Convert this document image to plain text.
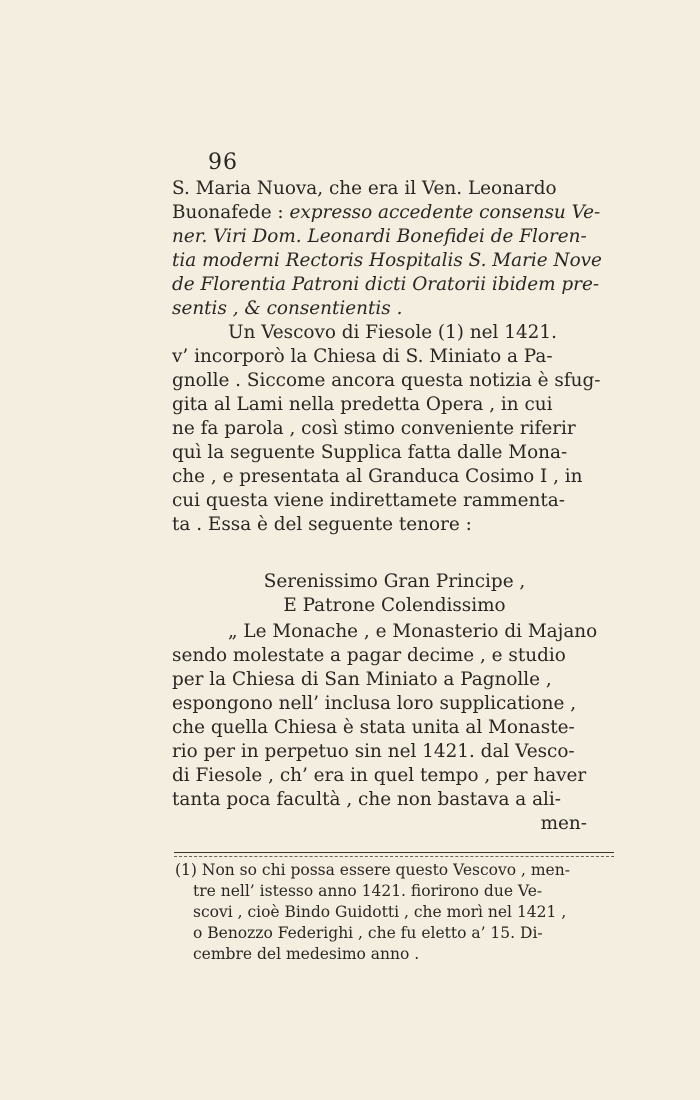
96
S. Maria Nuova, che era il Ven. Leonardo
Buonafede : expresso accedente consensu Ve-
ner. Viri Dom. Leonardi Bonefidei de Floren-
tia moderni Rectoris Hospitalis S. Marie Nove
de Florentia Patroni dicti Oratorii ibidem pre-
sentis , & consentientis .
Un Vescovo di Fiesole (1) nel 1421.
v’ incorporò la Chiesa di S. Miniato a Pa-
gnolle . Siccome ancora questa notizia è sfug-
gita al Lami nella predetta Opera , in cui
ne fa parola , così stimo conveniente riferir
quì la seguente Supplica fatta dalle Mona-
che , e presentata al Granduca Cosimo I , in
cui questa viene indirettamete rammenta-
ta . Essa è del seguente tenore :
Serenissimo Gran Principe ,
E Patrone Colendissimo
„ Le Monache , e Monasterio di Majano
sendo molestate a pagar decime , e studio
per la Chiesa di San Miniato a Pagnolle ,
espongono nell’ inclusa loro supplicatione ,
che quella Chiesa è stata unita al Monaste-
rio per in perpetuo sin nel 1421. dal Vesco-
di Fiesole , ch’ era in quel tempo , per haver
tanta poca facultà , che non bastava a ali-
men-
(1) Non so chi possa essere questo Vescovo , men-
tre nell’ istesso anno 1421. fiorirono due Ve-
scovi , cioè Bindo Guidotti , che morì nel 1421 ,
o Benozzo Federighi , che fu eletto a’ 15. Di-
cembre del medesimo anno .
